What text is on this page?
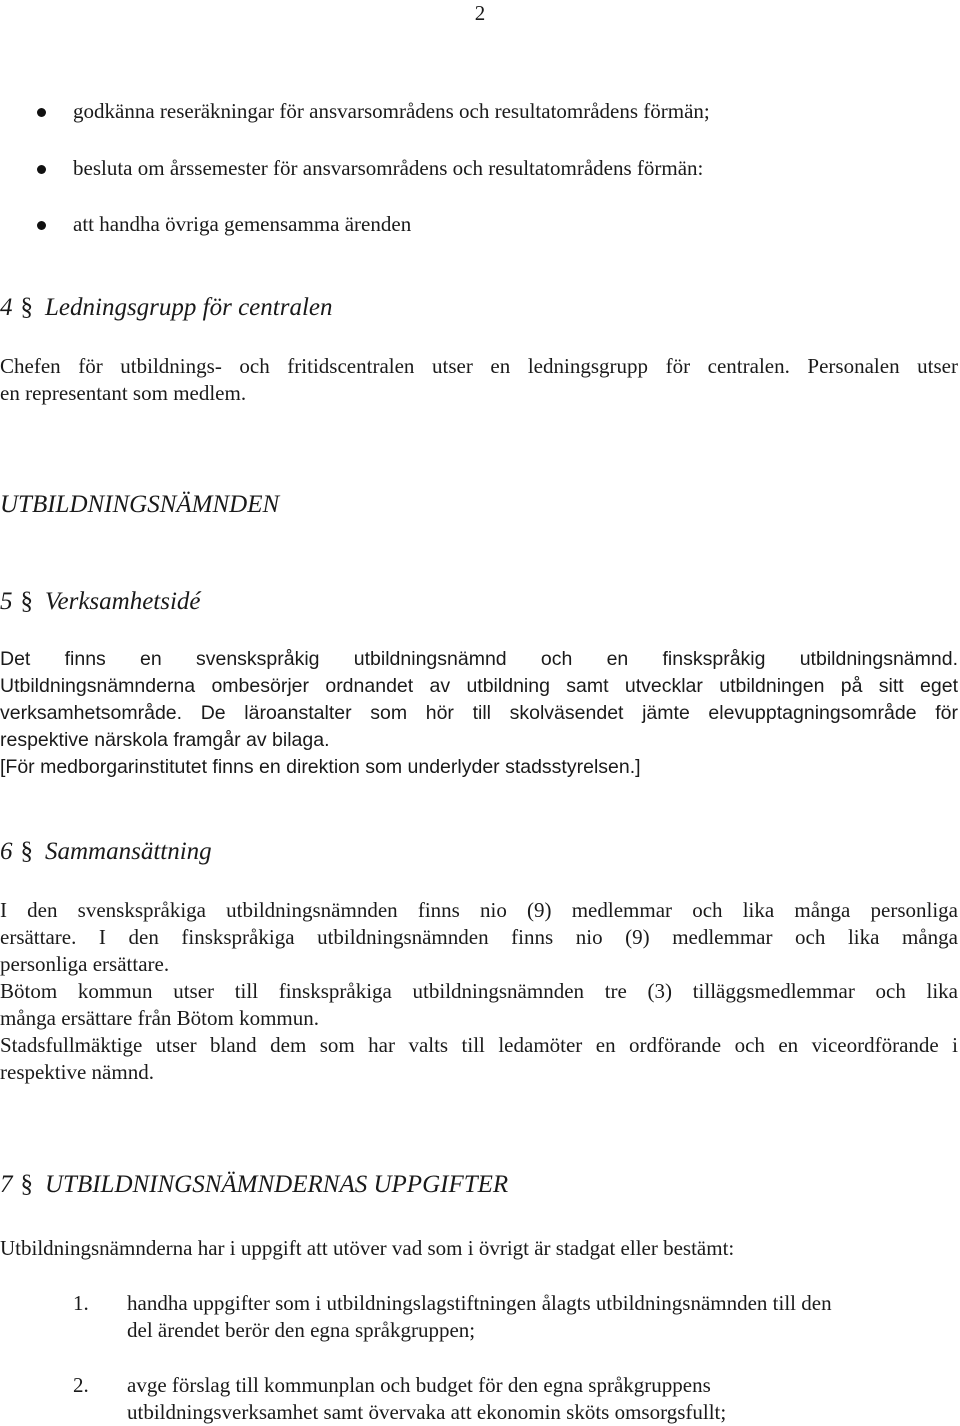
2
godkänna reseräkningar för ansvarsområdens och resultatområdens förmän;
besluta om årssemester för ansvarsområdens och resultatområdens förmän:
att handha övriga gemensamma ärenden
4 § Ledningsgrupp för centralen
Chefen för utbildnings- och fritidscentralen utser en ledningsgrupp för centralen. Personalen utser
en representant som medlem.
UTBILDNINGSNÄMNDEN
5 § Verksamhetsidé
Det finns en svenskspråkig utbildningsnämnd och en finskspråkig utbildningsnämnd.
Utbildningsnämnderna ombesörjer ordnandet av utbildning samt utvecklar utbildningen på sitt eget
verksamhetsområde. De läroanstalter som hör till skolväsendet jämte elevupptagningsområde för
respektive närskola framgår av bilaga.
[För medborgarinstitutet finns en direktion som underlyder stadsstyrelsen.]
6 § Sammansättning
I den svenskspråkiga utbildningsnämnden finns nio (9) medlemmar och lika många personliga
ersättare. I den finskspråkiga utbildningsnämnden finns nio (9) medlemmar och lika många
personliga ersättare.
Bötom kommun utser till finskspråkiga utbildningsnämnden tre (3) tilläggsmedlemmar och lika
många ersättare från Bötom kommun.
Stadsfullmäktige utser bland dem som har valts till ledamöter en ordförande och en viceordförande i
respektive nämnd.
7 § UTBILDNINGSNÄMNDERNAS UPPGIFTER
Utbildningsnämnderna har i uppgift att utöver vad som i övrigt är stadgat eller bestämt:
1. handha uppgifter som i utbildningslagstiftningen ålagts utbildningsnämnden till den
del ärendet berör den egna språkgruppen;
2. avge förslag till kommunplan och budget för den egna språkgruppens
utbildningsverksamhet samt övervaka att ekonomin sköts omsorgsfullt;
